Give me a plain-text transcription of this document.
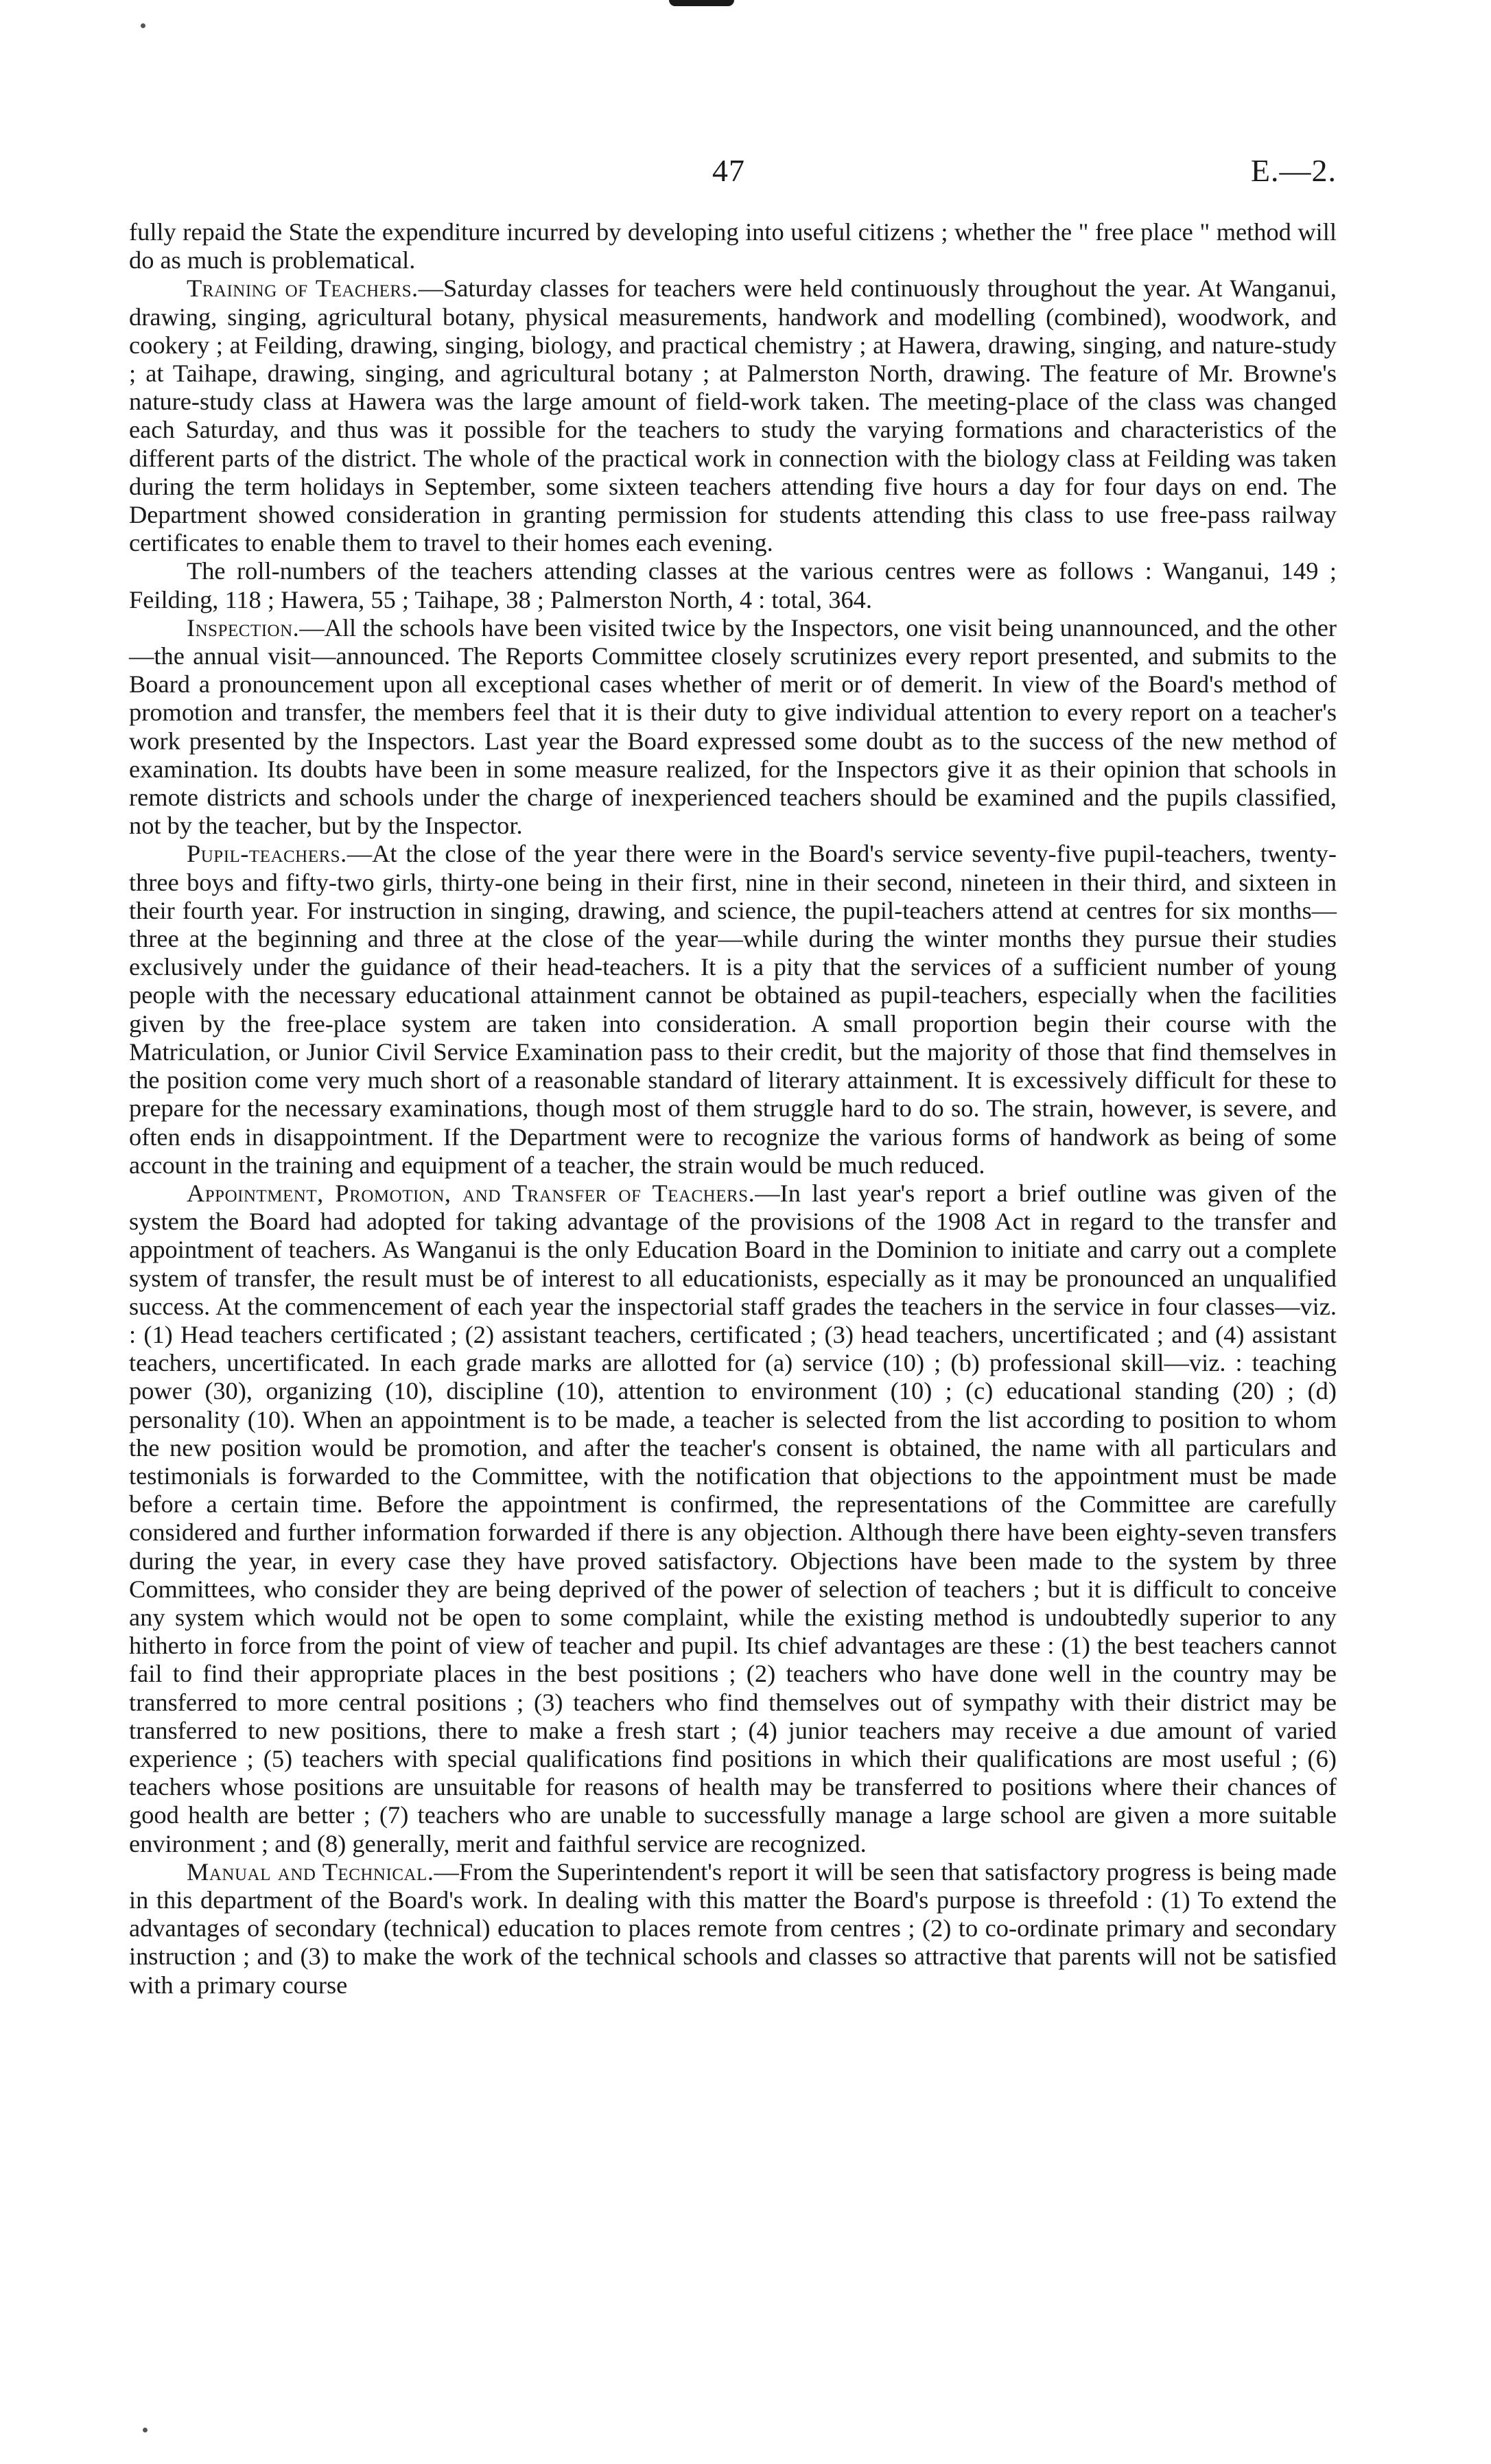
47	E.—2.

fully repaid the State the expenditure incurred by developing into useful citizens ; whether the " free place " method will do as much is problematical.

Training of Teachers.—Saturday classes for teachers were held continuously throughout the year. At Wanganui, drawing, singing, agricultural botany, physical measurements, handwork and modelling (combined), woodwork, and cookery ; at Feilding, drawing, singing, biology, and practical chemistry ; at Hawera, drawing, singing, and nature-study ; at Taihape, drawing, singing, and agricultural botany ; at Palmerston North, drawing. The feature of Mr. Browne's nature-study class at Hawera was the large amount of field-work taken. The meeting-place of the class was changed each Saturday, and thus was it possible for the teachers to study the varying formations and characteristics of the different parts of the district. The whole of the practical work in connection with the biology class at Feilding was taken during the term holidays in September, some sixteen teachers attending five hours a day for four days on end. The Department showed consideration in granting permission for students attending this class to use free-pass railway certificates to enable them to travel to their homes each evening.

The roll-numbers of the teachers attending classes at the various centres were as follows : Wanganui, 149 ; Feilding, 118 ; Hawera, 55 ; Taihape, 38 ; Palmerston North, 4 : total, 364.

Inspection.—All the schools have been visited twice by the Inspectors, one visit being unannounced, and the other—the annual visit—announced. The Reports Committee closely scrutinizes every report presented, and submits to the Board a pronouncement upon all exceptional cases whether of merit or of demerit. In view of the Board's method of promotion and transfer, the members feel that it is their duty to give individual attention to every report on a teacher's work presented by the Inspectors. Last year the Board expressed some doubt as to the success of the new method of examination. Its doubts have been in some measure realized, for the Inspectors give it as their opinion that schools in remote districts and schools under the charge of inexperienced teachers should be examined and the pupils classified, not by the teacher, but by the Inspector.

Pupil-teachers.—At the close of the year there were in the Board's service seventy-five pupil-teachers, twenty-three boys and fifty-two girls, thirty-one being in their first, nine in their second, nineteen in their third, and sixteen in their fourth year. For instruction in singing, drawing, and science, the pupil-teachers attend at centres for six months—three at the beginning and three at the close of the year—while during the winter months they pursue their studies exclusively under the guidance of their head-teachers. It is a pity that the services of a sufficient number of young people with the necessary educational attainment cannot be obtained as pupil-teachers, especially when the facilities given by the free-place system are taken into consideration. A small proportion begin their course with the Matriculation, or Junior Civil Service Examination pass to their credit, but the majority of those that find themselves in the position come very much short of a reasonable standard of literary attainment. It is excessively difficult for these to prepare for the necessary examinations, though most of them struggle hard to do so. The strain, however, is severe, and often ends in disappointment. If the Department were to recognize the various forms of handwork as being of some account in the training and equipment of a teacher, the strain would be much reduced.

Appointment, Promotion, and Transfer of Teachers.—In last year's report a brief outline was given of the system the Board had adopted for taking advantage of the provisions of the 1908 Act in regard to the transfer and appointment of teachers. As Wanganui is the only Education Board in the Dominion to initiate and carry out a complete system of transfer, the result must be of interest to all educationists, especially as it may be pronounced an unqualified success. At the commencement of each year the inspectorial staff grades the teachers in the service in four classes—viz. : (1) Head teachers certificated ; (2) assistant teachers, certificated ; (3) head teachers, uncertificated ; and (4) assistant teachers, uncertificated. In each grade marks are allotted for (a) service (10) ; (b) professional skill—viz. : teaching power (30), organizing (10), discipline (10), attention to environment (10) ; (c) educational standing (20) ; (d) personality (10). When an appointment is to be made, a teacher is selected from the list according to position to whom the new position would be promotion, and after the teacher's consent is obtained, the name with all particulars and testimonials is forwarded to the Committee, with the notification that objections to the appointment must be made before a certain time. Before the appointment is confirmed, the representations of the Committee are carefully considered and further information forwarded if there is any objection. Although there have been eighty-seven transfers during the year, in every case they have proved satisfactory. Objections have been made to the system by three Committees, who consider they are being deprived of the power of selection of teachers ; but it is difficult to conceive any system which would not be open to some complaint, while the existing method is undoubtedly superior to any hitherto in force from the point of view of teacher and pupil. Its chief advantages are these : (1) the best teachers cannot fail to find their appropriate places in the best positions ; (2) teachers who have done well in the country may be transferred to more central positions ; (3) teachers who find themselves out of sympathy with their district may be transferred to new positions, there to make a fresh start ; (4) junior teachers may receive a due amount of varied experience ; (5) teachers with special qualifications find positions in which their qualifications are most useful ; (6) teachers whose positions are unsuitable for reasons of health may be transferred to positions where their chances of good health are better ; (7) teachers who are unable to successfully manage a large school are given a more suitable environment ; and (8) generally, merit and faithful service are recognized.

Manual and Technical.—From the Superintendent's report it will be seen that satisfactory progress is being made in this department of the Board's work. In dealing with this matter the Board's purpose is threefold : (1) To extend the advantages of secondary (technical) education to places remote from centres ; (2) to co-ordinate primary and secondary instruction ; and (3) to make the work of the technical schools and classes so attractive that parents will not be satisfied with a primary course
